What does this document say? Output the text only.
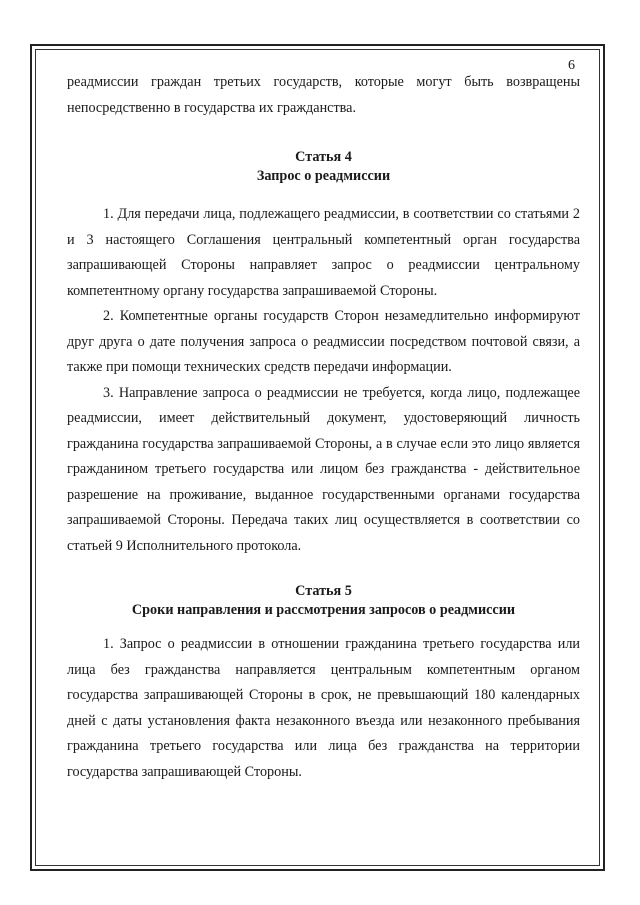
6

реадмиссии граждан третьих государств, которые могут быть возвращены непосредственно в государства их гражданства.

Статья 4
Запрос о реадмиссии

1. Для передачи лица, подлежащего реадмиссии, в соответствии со статьями 2 и 3 настоящего Соглашения центральный компетентный орган государства запрашивающей Стороны направляет запрос о реадмиссии центральному компетентному органу государства запрашиваемой Стороны.

2. Компетентные органы государств Сторон незамедлительно информируют друг друга о дате получения запроса о реадмиссии посредством почтовой связи, а также при помощи технических средств передачи информации.

3. Направление запроса о реадмиссии не требуется, когда лицо, подлежащее реадмиссии, имеет действительный документ, удостоверяющий личность гражданина государства запрашиваемой Стороны, а в случае если это лицо является гражданином третьего государства или лицом без гражданства - действительное разрешение на проживание, выданное государственными органами государства запрашиваемой Стороны. Передача таких лиц осуществляется в соответствии со статьей 9 Исполнительного протокола.

Статья 5
Сроки направления и рассмотрения запросов о реадмиссии

1. Запрос о реадмиссии в отношении гражданина третьего государства или лица без гражданства направляется центральным компетентным органом государства запрашивающей Стороны в срок, не превышающий 180 календарных дней с даты установления факта незаконного въезда или незаконного пребывания гражданина третьего государства или лица без гражданства на территории государства запрашивающей Стороны.
